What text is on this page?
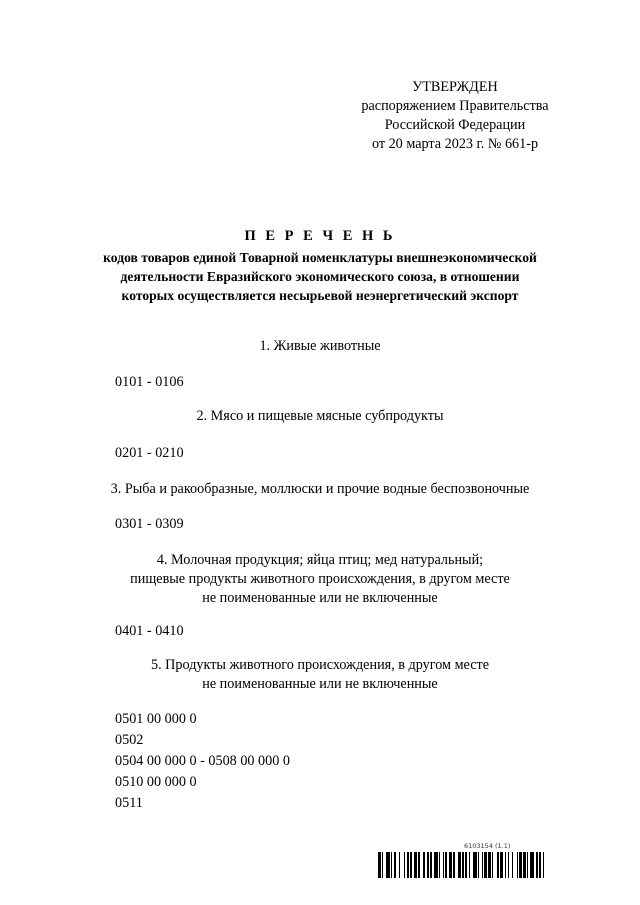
УТВЕРЖДЕН
распоряжением Правительства
Российской Федерации
от 20 марта 2023 г. № 661-р
П Е Р Е Ч Е Н Ь
кодов товаров единой Товарной номенклатуры внешнеэкономической
деятельности Евразийского экономического союза, в отношении
которых осуществляется несырьевой неэнергетический экспорт
1. Живые животные
0101 - 0106
2. Мясо и пищевые мясные субпродукты
0201 - 0210
3. Рыба и ракообразные, моллюски и прочие водные беспозвоночные
0301 - 0309
4. Молочная продукция; яйца птиц; мед натуральный;
пищевые продукты животного происхождения, в другом месте
не поименованные или не включенные
0401 - 0410
5. Продукты животного происхождения, в другом месте
не поименованные или не включенные
0501 00 000 0
0502
0504 00 000 0 - 0508 00 000 0
0510 00 000 0
0511
6103154 (1.1)
